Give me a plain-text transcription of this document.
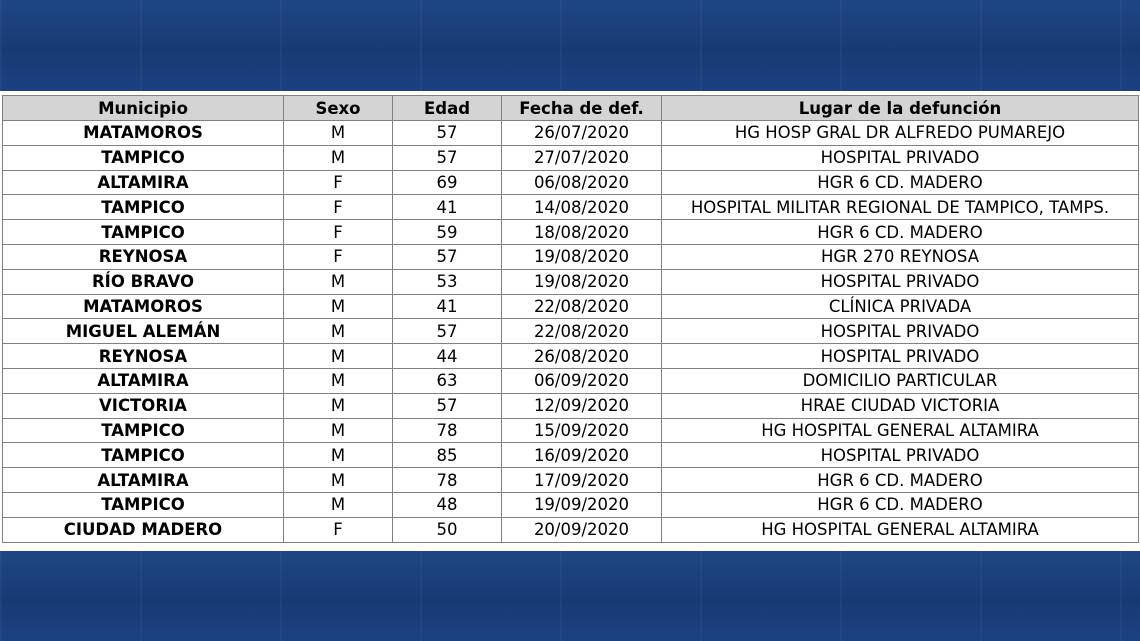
Municipio	Sexo	Edad	Fecha de def.	Lugar de la defunción
MATAMOROS	M	57	26/07/2020	HG HOSP GRAL DR ALFREDO PUMAREJO
TAMPICO	M	57	27/07/2020	HOSPITAL PRIVADO
ALTAMIRA	F	69	06/08/2020	HGR 6 CD. MADERO
TAMPICO	F	41	14/08/2020	HOSPITAL MILITAR REGIONAL DE TAMPICO, TAMPS.
TAMPICO	F	59	18/08/2020	HGR 6 CD. MADERO
REYNOSA	F	57	19/08/2020	HGR 270 REYNOSA
RÍO BRAVO	M	53	19/08/2020	HOSPITAL PRIVADO
MATAMOROS	M	41	22/08/2020	CLÍNICA PRIVADA
MIGUEL ALEMÁN	M	57	22/08/2020	HOSPITAL PRIVADO
REYNOSA	M	44	26/08/2020	HOSPITAL PRIVADO
ALTAMIRA	M	63	06/09/2020	DOMICILIO PARTICULAR
VICTORIA	M	57	12/09/2020	HRAE CIUDAD VICTORIA
TAMPICO	M	78	15/09/2020	HG HOSPITAL GENERAL ALTAMIRA
TAMPICO	M	85	16/09/2020	HOSPITAL PRIVADO
ALTAMIRA	M	78	17/09/2020	HGR 6 CD. MADERO
TAMPICO	M	48	19/09/2020	HGR 6 CD. MADERO
CIUDAD MADERO	F	50	20/09/2020	HG HOSPITAL GENERAL ALTAMIRA
